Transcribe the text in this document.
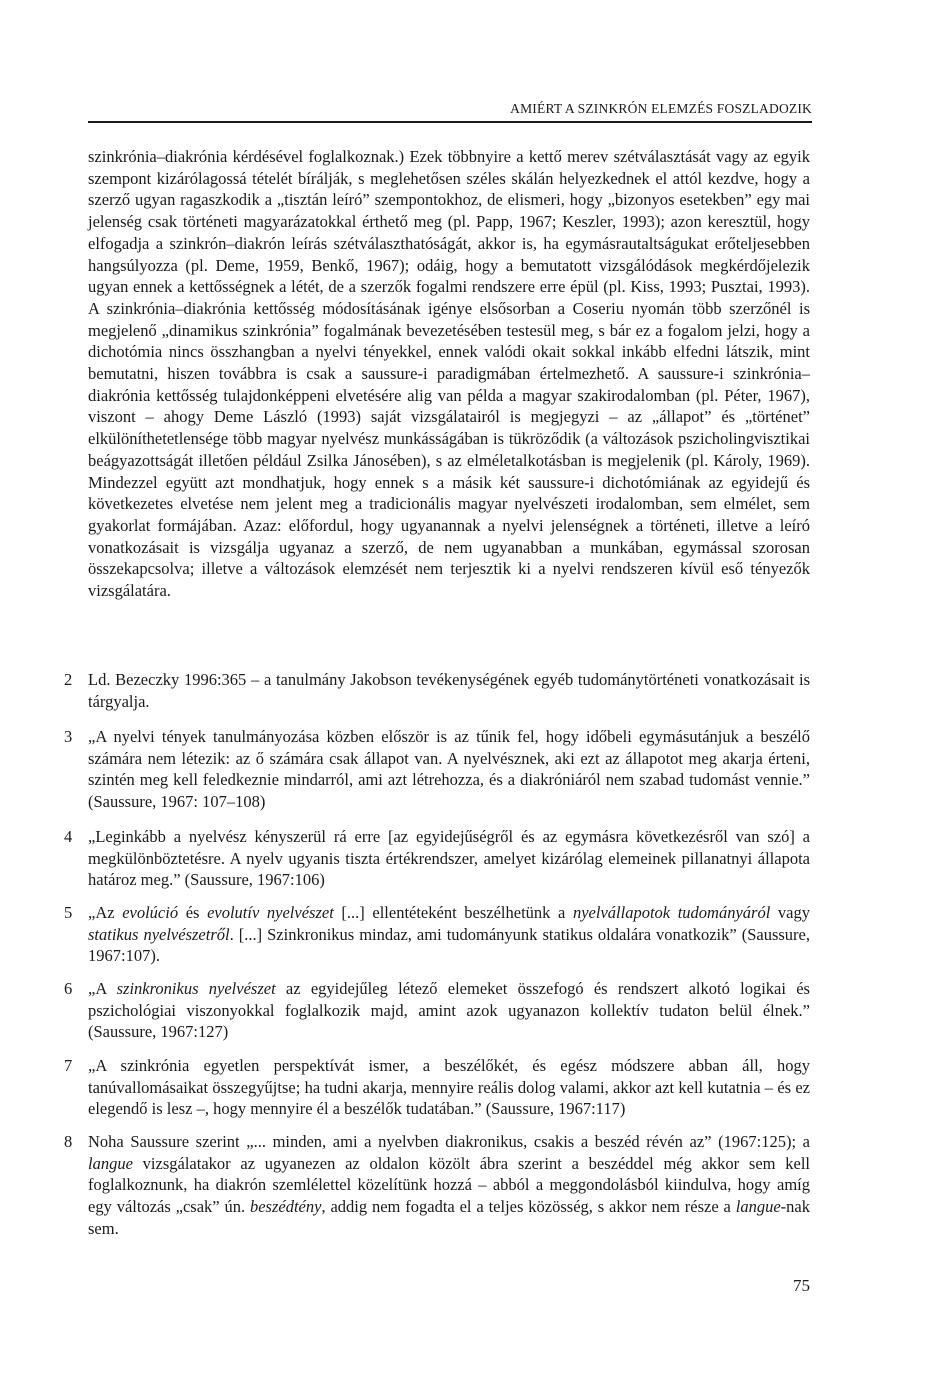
AMIÉRT A SZINKRÓN ELEMZÉS FOSZLADOZIK
szinkrónia–diakrónia kérdésével foglalkoznak.) Ezek többnyire a kettő merev szétválasztását vagy az egyik szempont kizárólagossá tételét bírálják, s meglehetősen széles skálán helyezkednek el attól kezdve, hogy a szerző ugyan ragaszkodik a „tisztán leíró” szempontokhoz, de elismeri, hogy „bizonyos esetekben” egy mai jelenség csak történeti magyarázatokkal érthető meg (pl. Papp, 1967; Keszler, 1993); azon keresztül, hogy elfogadja a szinkrón–diakrón leírás szétválaszthatóságát, akkor is, ha egymásrautaltságukat erőteljesebben hangsúlyozza (pl. Deme, 1959, Benkő, 1967); odáig, hogy a bemutatott vizsgálódások megkérdőjelezik ugyan ennek a kettősségnek a létét, de a szerzők fogalmi rendszere erre épül (pl. Kiss, 1993; Pusztai, 1993). A szinkrónia–diakrónia kettősség módosításának igénye elsősorban a Coseriu nyomán több szerzőnél is megjelenő „dinamikus szinkrónia” fogalmának bevezetésében testesül meg, s bár ez a fogalom jelzi, hogy a dichotómia nincs összhangban a nyelvi tényekkel, ennek valódi okait sokkal inkább elfedni látszik, mint bemutatni, hiszen továbbra is csak a saussure-i paradigmában értelmezhető. A saussure-i szinkrónia–diakrónia kettősség tulajdonképpeni elvetésére alig van példa a magyar szakirodalomban (pl. Péter, 1967), viszont – ahogy Deme László (1993) saját vizsgálatairól is megjegyzi – az „állapot” és „történet” elkülöníthetetlensége több magyar nyelvész munkásságában is tükröződik (a változások pszicholingvisztikai beágyazottságát illetően például Zsilka Jánosében), s az elméletalkotásban is megjelenik (pl. Károly, 1969). Mindezzel együtt azt mondhatjuk, hogy ennek s a másik két saussure-i dichotómiának az egyidejű és következetes elvetése nem jelent meg a tradicionális magyar nyelvészeti irodalomban, sem elmélet, sem gyakorlat formájában. Azaz: előfordul, hogy ugyanannak a nyelvi jelenségnek a történeti, illetve a leíró vonatkozásait is vizsgálja ugyanaz a szerző, de nem ugyanabban a munkában, egymással szorosan összekapcsolva; illetve a változások elemzését nem terjesztik ki a nyelvi rendszeren kívül eső tényezők vizsgálatára.
2 Ld. Bezeczky 1996:365 – a tanulmány Jakobson tevékenységének egyéb tudománytörténeti vonatkozásait is tárgyalja.
3 „A nyelvi tények tanulmányozása közben először is az tűnik fel, hogy időbeli egymásutánjuk a beszélő számára nem létezik: az ő számára csak állapot van. A nyelvésznek, aki ezt az állapotot meg akarja érteni, szintén meg kell feledkeznie mindarról, ami azt létrehozza, és a diakróniáról nem szabad tudomást vennie.” (Saussure, 1967: 107–108)
4 „Leginkább a nyelvész kényszerül rá erre [az egyidejűségről és az egymásra következésről van szó] a megkülönböztetésre. A nyelv ugyanis tiszta értékrendszer, amelyet kizárólag elemeinek pillanatnyi állapota határoz meg.” (Saussure, 1967:106)
5 „Az evolúció és evolutív nyelvészet [...] ellentéteként beszélhetünk a nyelvállapotok tudományáról vagy statikus nyelvészetről. [...] Szinkronikus mindaz, ami tudományunk statikus oldalára vonatkozik” (Saussure, 1967:107).
6 „A szinkronikus nyelvészet az egyidejűleg létező elemeket összefogó és rendszert alkotó logikai és pszichológiai viszonyokkal foglalkozik majd, amint azok ugyanazon kollektív tudaton belül élnek.” (Saussure, 1967:127)
7 „A szinkrónia egyetlen perspektívát ismer, a beszélőkét, és egész módszere abban áll, hogy tanúvallomásaikat összegyűjtse; ha tudni akarja, mennyire reális dolog valami, akkor azt kell kutatnia – és ez elegendő is lesz –, hogy mennyire él a beszélők tudatában.” (Saussure, 1967:117)
8 Noha Saussure szerint „... minden, ami a nyelvben diakronikus, csakis a beszéd révén az” (1967:125); a langue vizsgálatakor az ugyanezen az oldalon közölt ábra szerint a beszéddel még akkor sem kell foglalkoznunk, ha diakrón szemlélettel közelítünk hozzá – abból a meggondolásból kiindulva, hogy amíg egy változás „csak” ún. beszédtény, addig nem fogadta el a teljes közösség, s akkor nem része a langue-nak sem.
75
